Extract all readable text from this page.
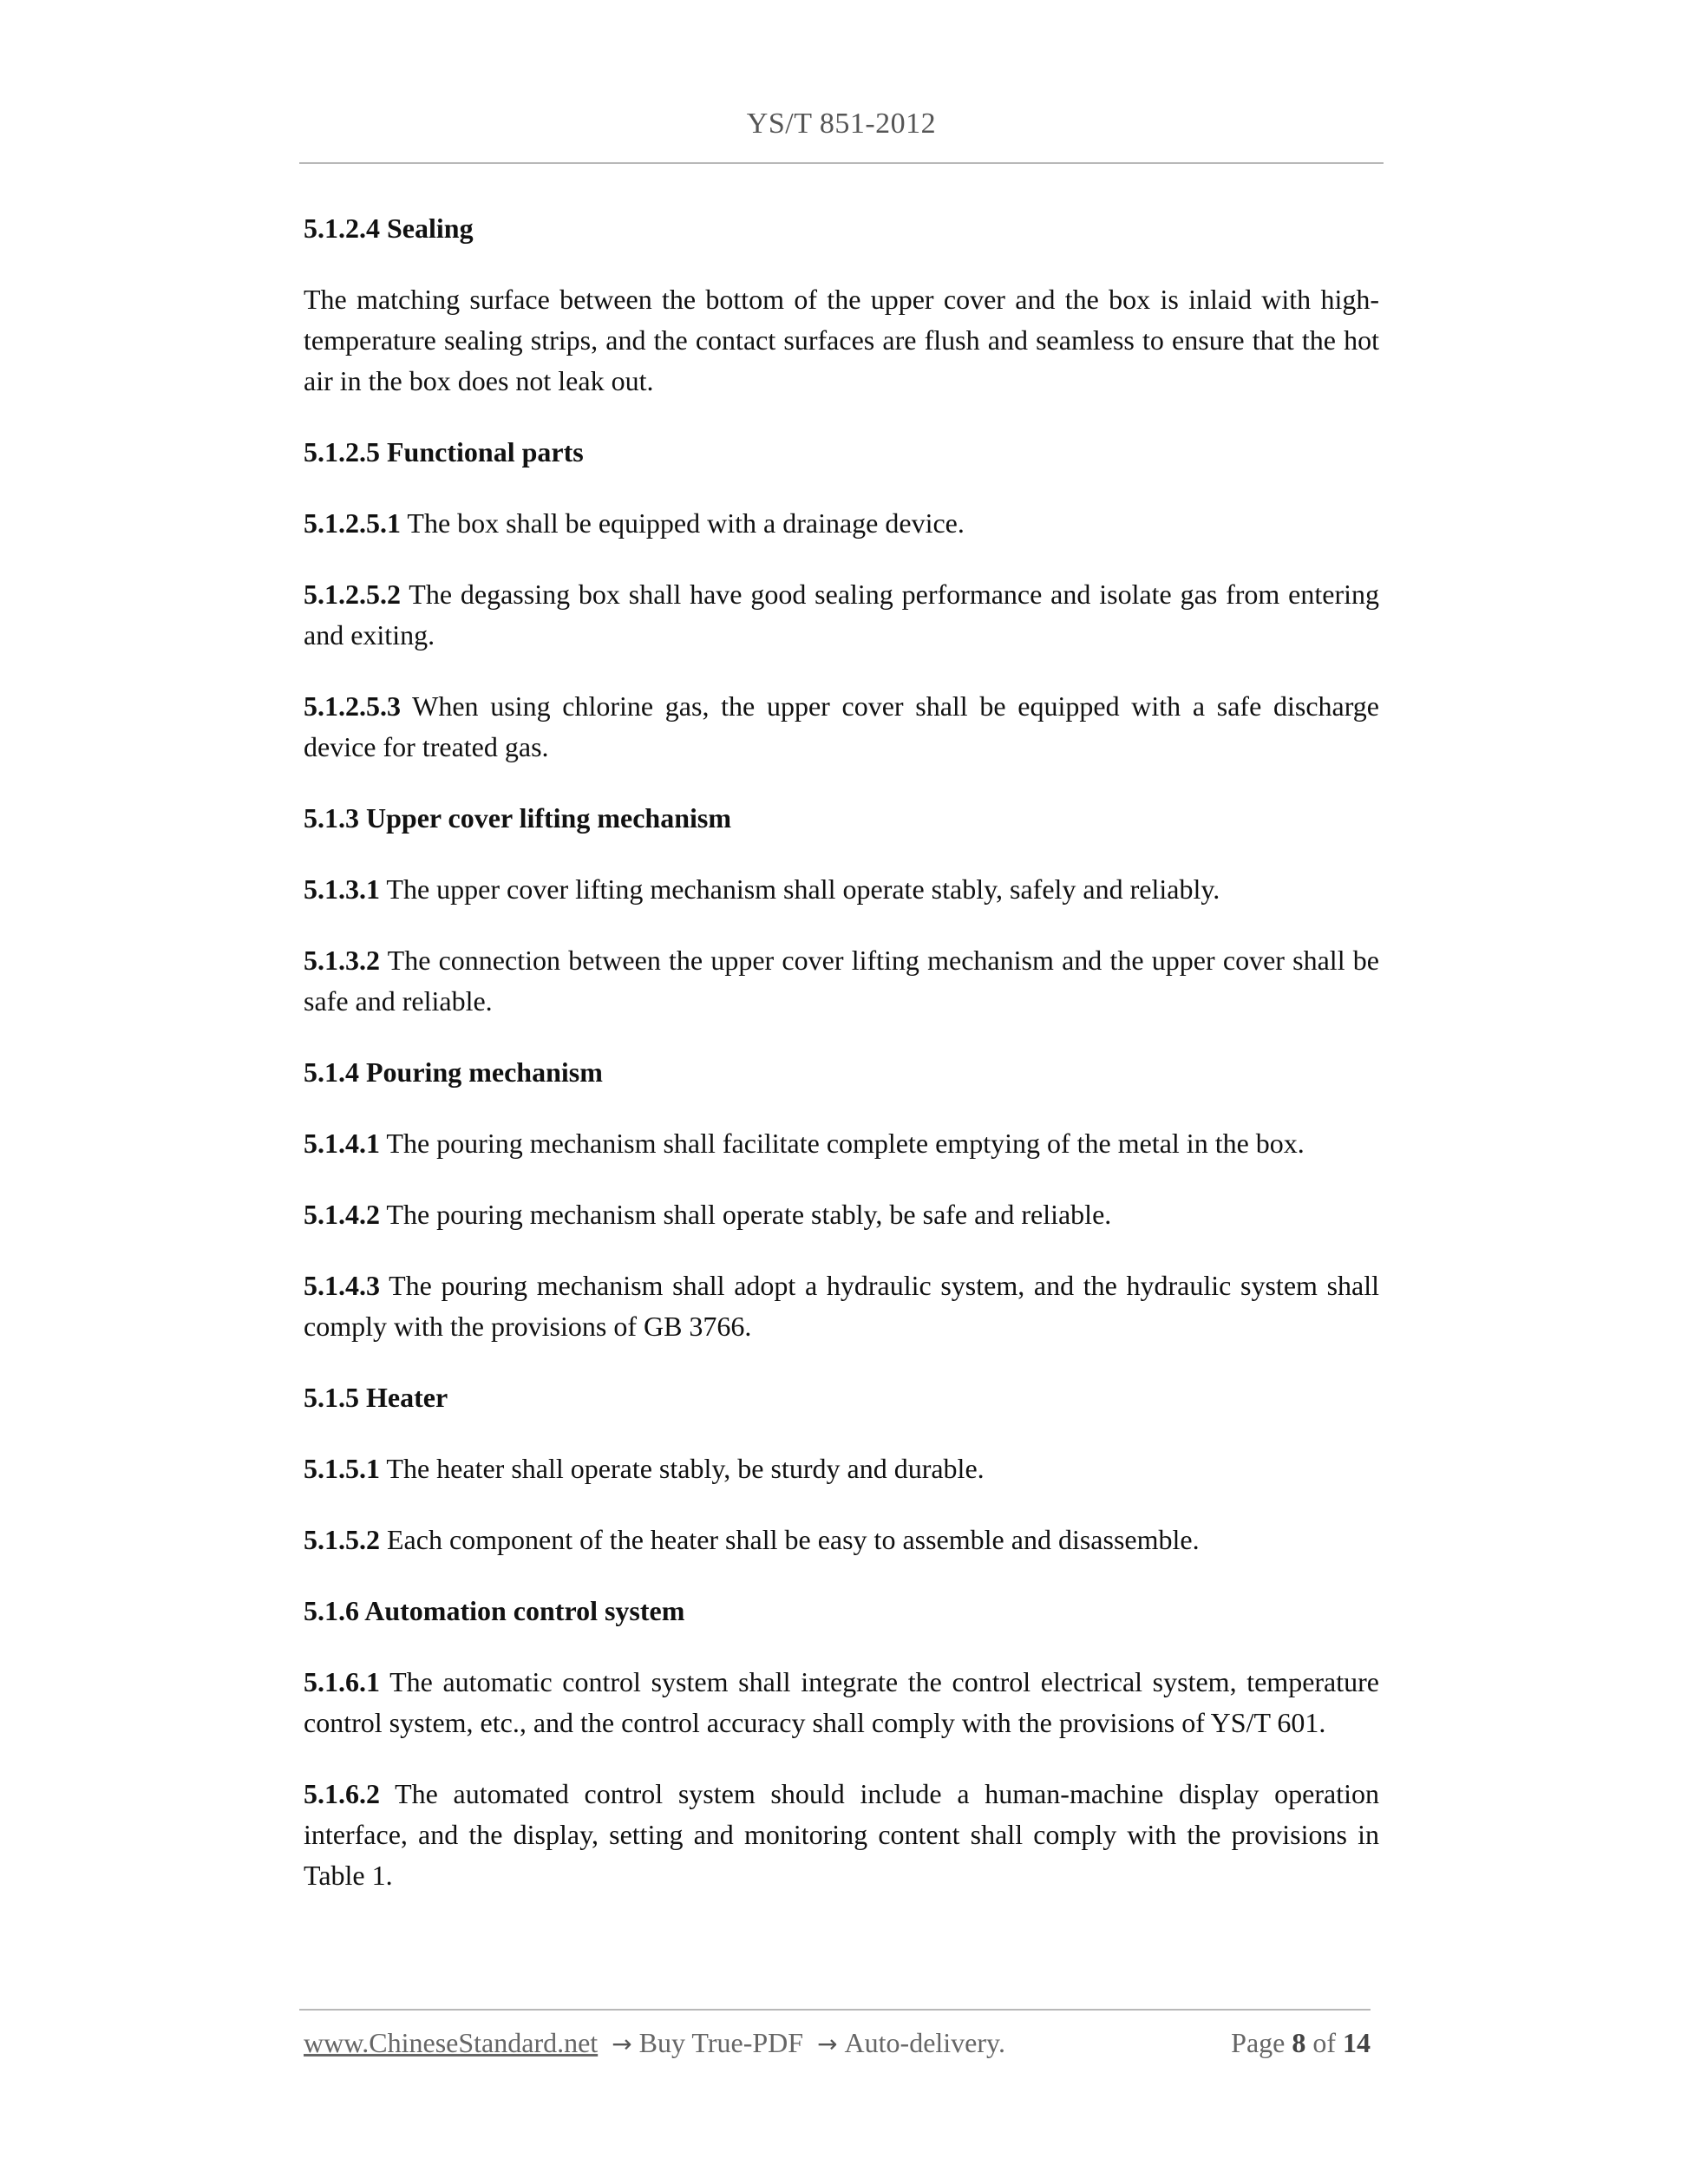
YS/T 851-2012
5.1.2.4 Sealing
The matching surface between the bottom of the upper cover and the box is inlaid with high-temperature sealing strips, and the contact surfaces are flush and seamless to ensure that the hot air in the box does not leak out.
5.1.2.5 Functional parts
5.1.2.5.1 The box shall be equipped with a drainage device.
5.1.2.5.2 The degassing box shall have good sealing performance and isolate gas from entering and exiting.
5.1.2.5.3 When using chlorine gas, the upper cover shall be equipped with a safe discharge device for treated gas.
5.1.3 Upper cover lifting mechanism
5.1.3.1 The upper cover lifting mechanism shall operate stably, safely and reliably.
5.1.3.2 The connection between the upper cover lifting mechanism and the upper cover shall be safe and reliable.
5.1.4 Pouring mechanism
5.1.4.1 The pouring mechanism shall facilitate complete emptying of the metal in the box.
5.1.4.2 The pouring mechanism shall operate stably, be safe and reliable.
5.1.4.3 The pouring mechanism shall adopt a hydraulic system, and the hydraulic system shall comply with the provisions of GB 3766.
5.1.5 Heater
5.1.5.1 The heater shall operate stably, be sturdy and durable.
5.1.5.2 Each component of the heater shall be easy to assemble and disassemble.
5.1.6 Automation control system
5.1.6.1 The automatic control system shall integrate the control electrical system, temperature control system, etc., and the control accuracy shall comply with the provisions of YS/T 601.
5.1.6.2 The automated control system should include a human-machine display operation interface, and the display, setting and monitoring content shall comply with the provisions in Table 1.
www.ChineseStandard.net → Buy True-PDF → Auto-delivery.	Page 8 of 14
